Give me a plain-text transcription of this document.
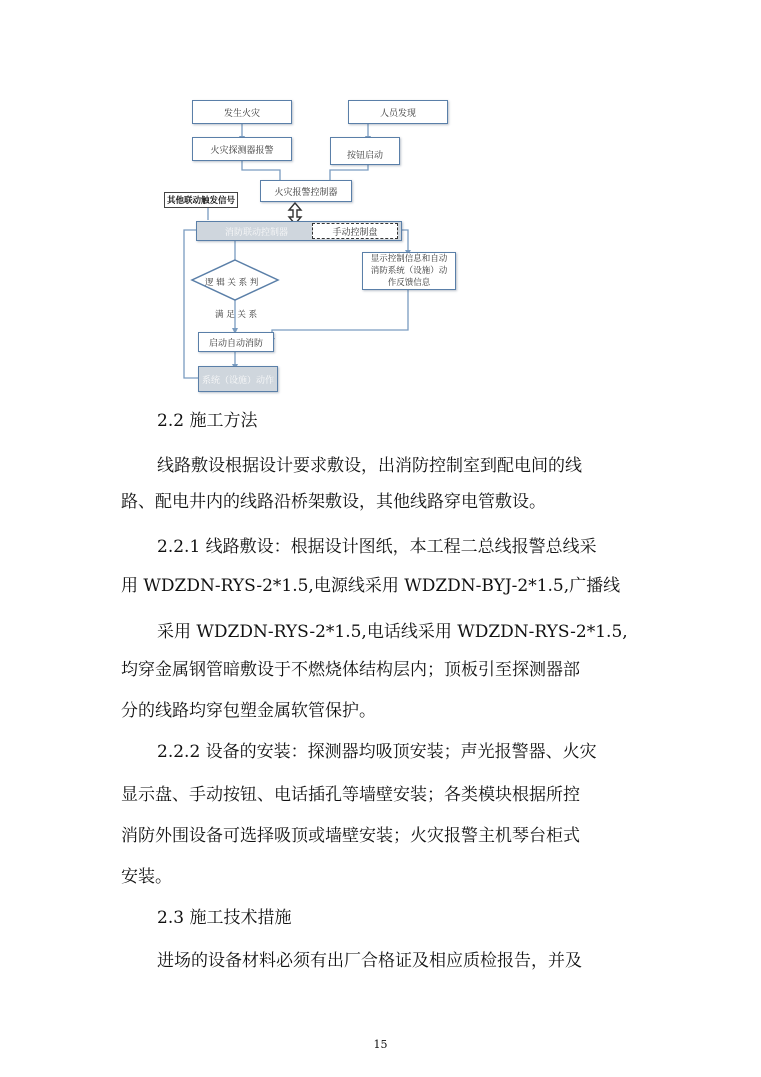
发生火灾	人员发现
火灾探测器报警
按钮启动
火灾报警控制器
其他联动触发信号
消防联动控制器	手动控制盘
显示控制信息和自动
消防系统（设施）动
作反馈信息
逻 辑 关 系 判
满 足 关 系
启动自动消防
系统（设施）动作
2.2 施工方法
线路敷设根据设计要求敷设，出消防控制室到配电间的线
路、配电井内的线路沿桥架敷设，其他线路穿电管敷设。
2.2.1 线路敷设：根据设计图纸，本工程二总线报警总线采
用 WDZDN-RYS-2*1.5,电源线采用 WDZDN-BYJ-2*1.5,广播线
采用 WDZDN-RYS-2*1.5,电话线采用 WDZDN-RYS-2*1.5,
均穿金属钢管暗敷设于不燃烧体结构层内；顶板引至探测器部
分的线路均穿包塑金属软管保护。
2.2.2 设备的安装：探测器均吸顶安装；声光报警器、火灾
显示盘、手动按钮、电话插孔等墙壁安装；各类模块根据所控
消防外围设备可选择吸顶或墙壁安装；火灾报警主机琴台柜式
安装。
2.3 施工技术措施
进场的设备材料必须有出厂合格证及相应质检报告，并及
15
